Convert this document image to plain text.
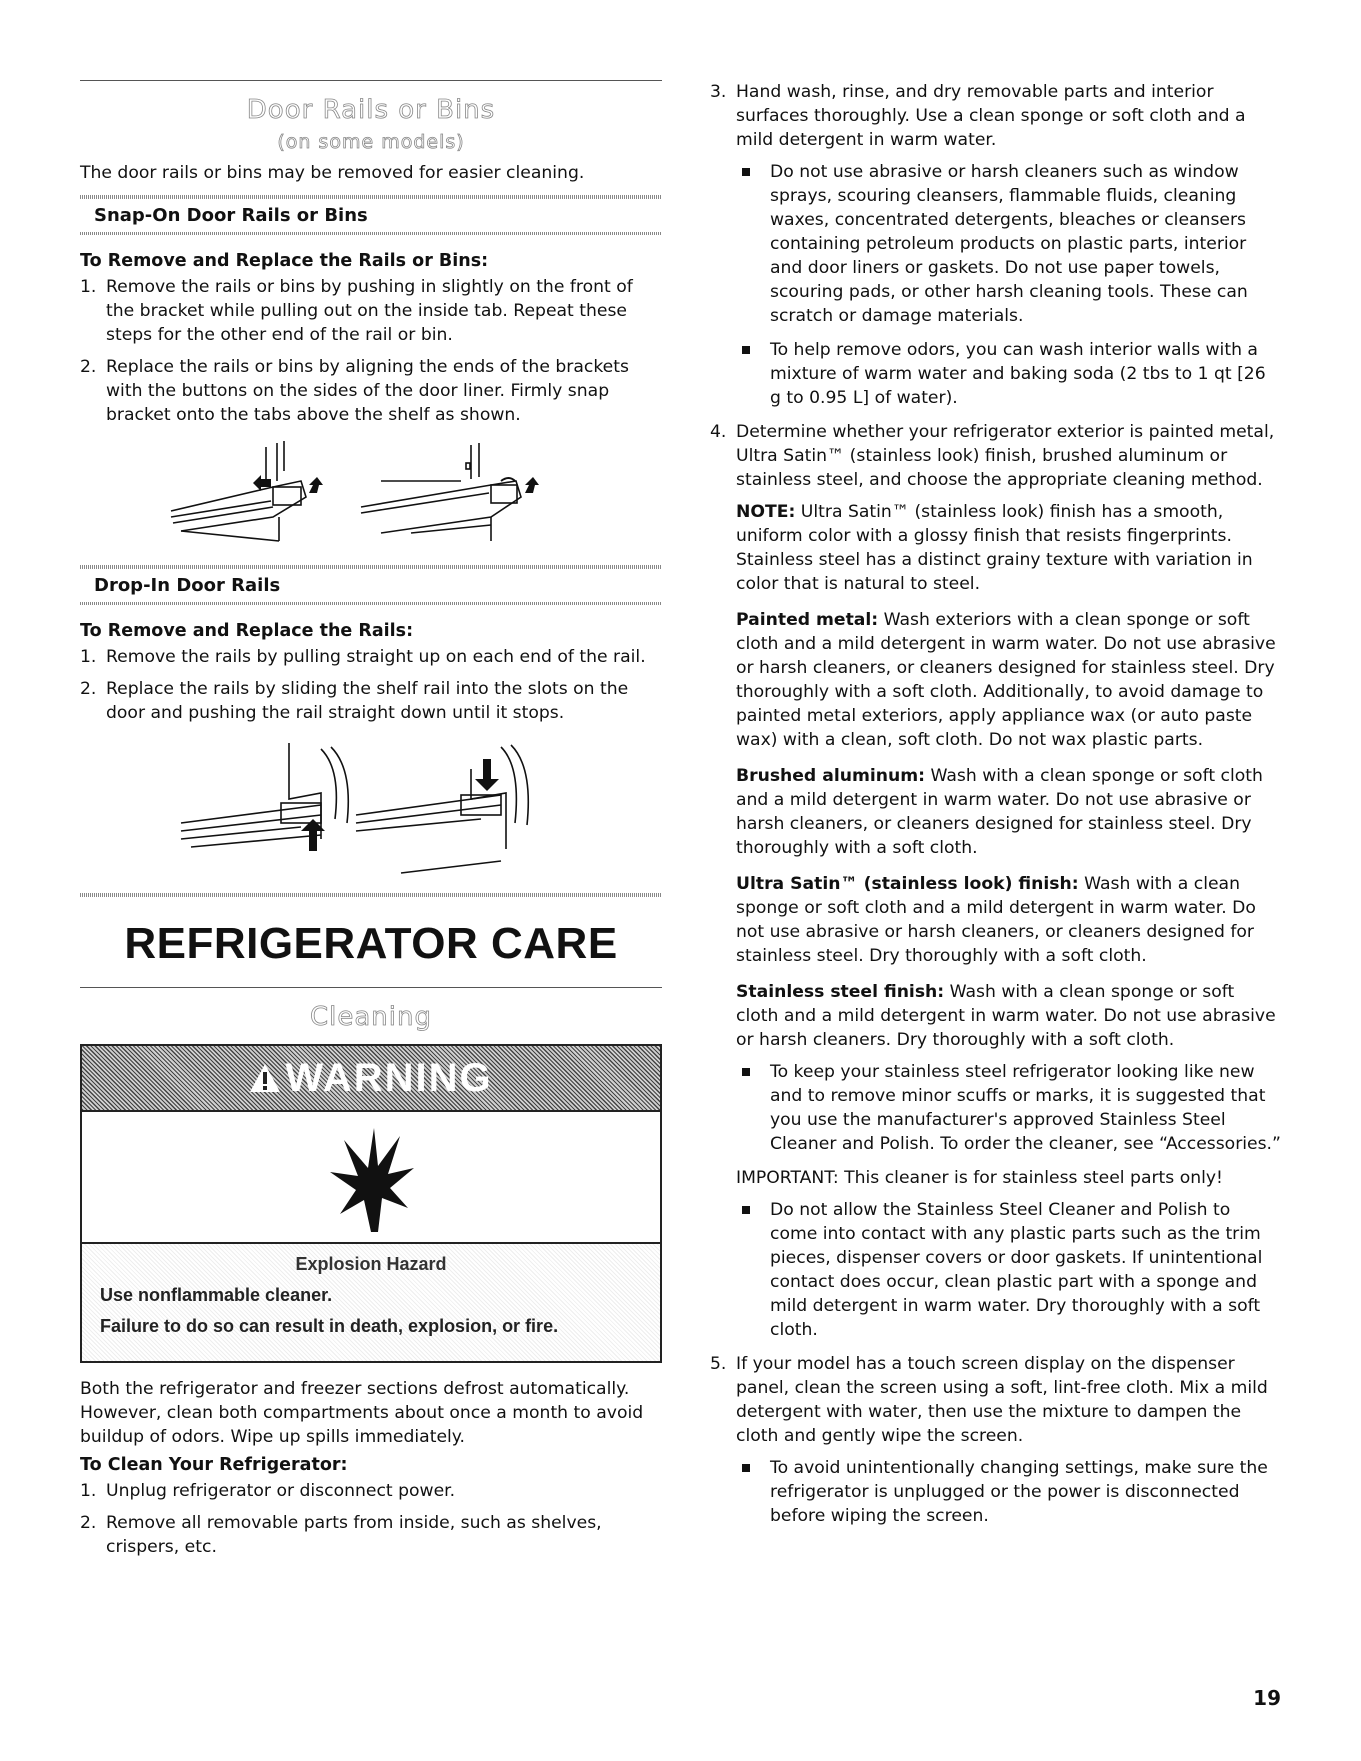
Door Rails or Bins
(on some models)

The door rails or bins may be removed for easier cleaning.

Snap-On Door Rails or Bins
To Remove and Replace the Rails or Bins:
1. Remove the rails or bins by pushing in slightly on the front of the bracket while pulling out on the inside tab. Repeat these steps for the other end of the rail or bin.
2. Replace the rails or bins by aligning the ends of the brackets with the buttons on the sides of the door liner. Firmly snap bracket onto the tabs above the shelf as shown.
Drop-In Door Rails
To Remove and Replace the Rails:
1. Remove the rails by pulling straight up on each end of the rail.
2. Replace the rails by sliding the shelf rail into the slots on the door and pushing the rail straight down until it stops.
REFRIGERATOR CARE
Cleaning
WARNING
Explosion Hazard
Use nonflammable cleaner.
Failure to do so can result in death, explosion, or fire.

Both the refrigerator and freezer sections defrost automatically. However, clean both compartments about once a month to avoid buildup of odors. Wipe up spills immediately.

To Clean Your Refrigerator:
1. Unplug refrigerator or disconnect power.
2. Remove all removable parts from inside, such as shelves, crispers, etc.
3. Hand wash, rinse, and dry removable parts and interior surfaces thoroughly. Use a clean sponge or soft cloth and a mild detergent in warm water.
Do not use abrasive or harsh cleaners such as window sprays, scouring cleansers, flammable fluids, cleaning waxes, concentrated detergents, bleaches or cleansers containing petroleum products on plastic parts, interior and door liners or gaskets. Do not use paper towels, scouring pads, or other harsh cleaning tools. These can scratch or damage materials.
To help remove odors, you can wash interior walls with a mixture of warm water and baking soda (2 tbs to 1 qt [26 g to 0.95 L] of water).
4. Determine whether your refrigerator exterior is painted metal, Ultra Satin™ (stainless look) finish, brushed aluminum or stainless steel, and choose the appropriate cleaning method.

NOTE: Ultra Satin™ (stainless look) finish has a smooth, uniform color with a glossy finish that resists fingerprints. Stainless steel has a distinct grainy texture with variation in color that is natural to steel.

Painted metal: Wash exteriors with a clean sponge or soft cloth and a mild detergent in warm water. Do not use abrasive or harsh cleaners, or cleaners designed for stainless steel. Dry thoroughly with a soft cloth. Additionally, to avoid damage to painted metal exteriors, apply appliance wax (or auto paste wax) with a clean, soft cloth. Do not wax plastic parts.

Brushed aluminum: Wash with a clean sponge or soft cloth and a mild detergent in warm water. Do not use abrasive or harsh cleaners, or cleaners designed for stainless steel. Dry thoroughly with a soft cloth.

Ultra Satin™ (stainless look) finish: Wash with a clean sponge or soft cloth and a mild detergent in warm water. Do not use abrasive or harsh cleaners, or cleaners designed for stainless steel. Dry thoroughly with a soft cloth.

Stainless steel finish: Wash with a clean sponge or soft cloth and a mild detergent in warm water. Do not use abrasive or harsh cleaners. Dry thoroughly with a soft cloth.

To keep your stainless steel refrigerator looking like new and to remove minor scuffs or marks, it is suggested that you use the manufacturer's approved Stainless Steel Cleaner and Polish. To order the cleaner, see “Accessories.”

IMPORTANT: This cleaner is for stainless steel parts only!

Do not allow the Stainless Steel Cleaner and Polish to come into contact with any plastic parts such as the trim pieces, dispenser covers or door gaskets. If unintentional contact does occur, clean plastic part with a sponge and mild detergent in warm water. Dry thoroughly with a soft cloth.
5. If your model has a touch screen display on the dispenser panel, clean the screen using a soft, lint-free cloth. Mix a mild detergent with water, then use the mixture to dampen the cloth and gently wipe the screen.
To avoid unintentionally changing settings, make sure the refrigerator is unplugged or the power is disconnected before wiping the screen.
19
